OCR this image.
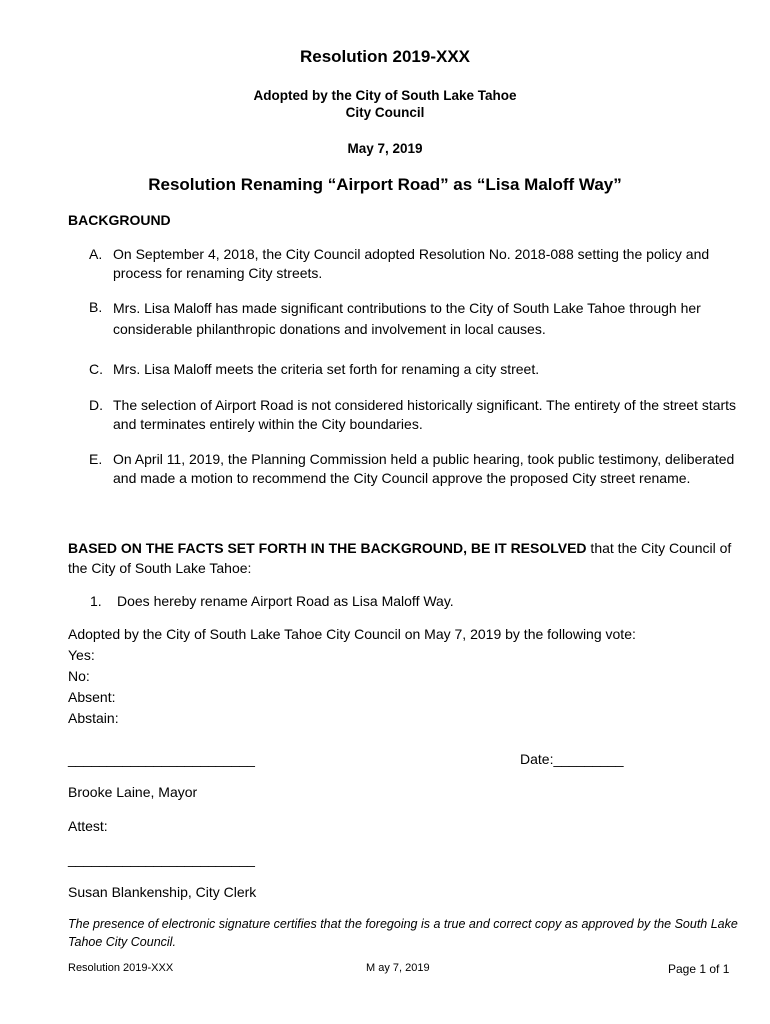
Resolution 2019-XXX
Adopted by the City of South Lake Tahoe
City Council
May 7, 2019
Resolution Renaming “Airport Road” as “Lisa Maloff Way”
BACKGROUND
A. On September 4, 2018, the City Council adopted Resolution No. 2018-088 setting the policy and process for renaming City streets.
B. Mrs. Lisa Maloff has made significant contributions to the City of South Lake Tahoe through her considerable philanthropic donations and involvement in local causes.
C. Mrs. Lisa Maloff meets the criteria set forth for renaming a city street.
D. The selection of Airport Road is not considered historically significant. The entirety of the street starts and terminates entirely within the City boundaries.
E. On April 11, 2019, the Planning Commission held a public hearing, took public testimony, deliberated and made a motion to recommend the City Council approve the proposed City street rename.
BASED ON THE FACTS SET FORTH IN THE BACKGROUND, BE IT RESOLVED that the City Council of the City of South Lake Tahoe:
1. Does hereby rename Airport Road as Lisa Maloff Way.
Adopted by the City of South Lake Tahoe City Council on May 7, 2019 by the following vote:
Yes:
No:
Absent:
Abstain:
________________________	Date:_________
Brooke Laine, Mayor
Attest:
________________________
Susan Blankenship, City Clerk
The presence of electronic signature certifies that the foregoing is a true and correct copy as approved by the South Lake Tahoe City Council.
Resolution 2019-XXX	M ay 7, 2019	Page 1 of 1
